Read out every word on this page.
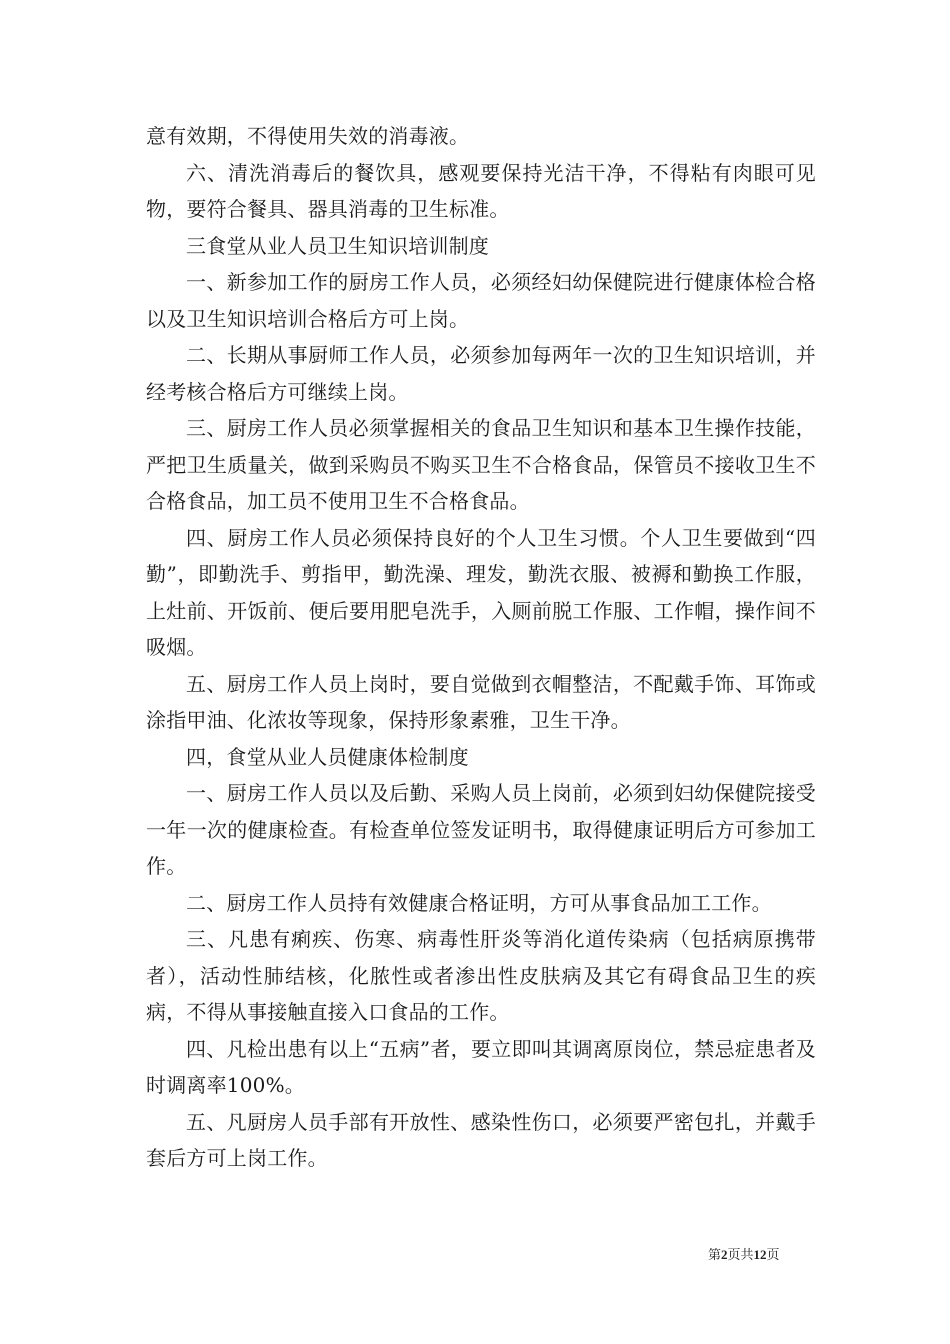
意有效期，不得使用失效的消毒液。

六、清洗消毒后的餐饮具，感观要保持光洁干净，不得粘有肉眼可见物，要符合餐具、器具消毒的卫生标准。

三食堂从业人员卫生知识培训制度

一、新参加工作的厨房工作人员，必须经妇幼保健院进行健康体检合格以及卫生知识培训合格后方可上岗。

二、长期从事厨师工作人员，必须参加每两年一次的卫生知识培训，并经考核合格后方可继续上岗。

三、厨房工作人员必须掌握相关的食品卫生知识和基本卫生操作技能，严把卫生质量关，做到采购员不购买卫生不合格食品，保管员不接收卫生不合格食品，加工员不使用卫生不合格食品。

四、厨房工作人员必须保持良好的个人卫生习惯。个人卫生要做到“四勤”，即勤洗手、剪指甲，勤洗澡、理发，勤洗衣服、被褥和勤换工作服，上灶前、开饭前、便后要用肥皂洗手，入厕前脱工作服、工作帽，操作间不吸烟。

五、厨房工作人员上岗时，要自觉做到衣帽整洁，不配戴手饰、耳饰或涂指甲油、化浓妆等现象，保持形象素雅，卫生干净。

四，食堂从业人员健康体检制度

一、厨房工作人员以及后勤、采购人员上岗前，必须到妇幼保健院接受一年一次的健康检查。有检查单位签发证明书，取得健康证明后方可参加工作。

二、厨房工作人员持有效健康合格证明，方可从事食品加工工作。

三、凡患有痢疾、伤寒、病毒性肝炎等消化道传染病（包括病原携带者），活动性肺结核，化脓性或者渗出性皮肤病及其它有碍食品卫生的疾病，不得从事接触直接入口食品的工作。

四、凡检出患有以上“五病”者，要立即叫其调离原岗位，禁忌症患者及时调离率100%。

五、凡厨房人员手部有开放性、感染性伤口，必须要严密包扎，并戴手套后方可上岗工作。

第2页共12页
